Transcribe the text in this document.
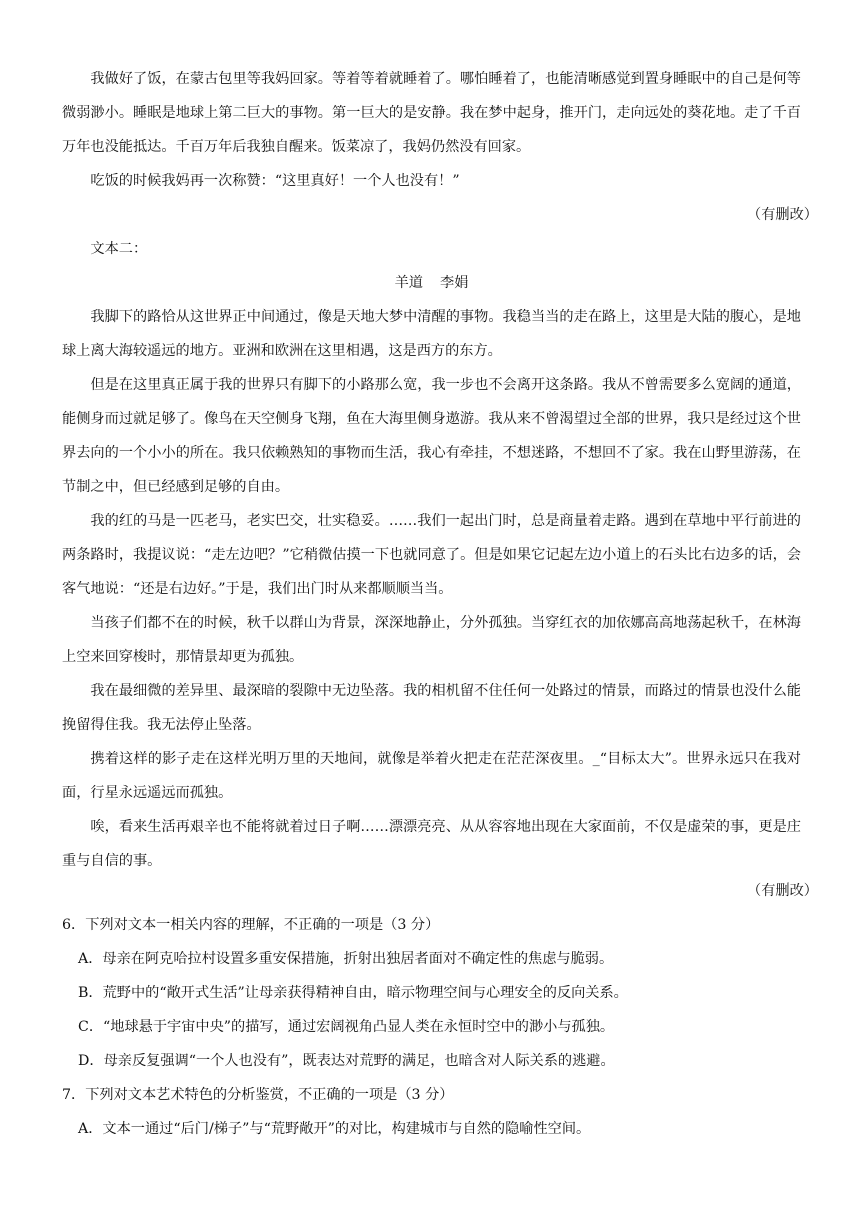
我做好了饭，在蒙古包里等我妈回家。等着等着就睡着了。哪怕睡着了，也能清晰感觉到置身睡眠中的自己是何等微弱渺小。睡眠是地球上第二巨大的事物。第一巨大的是安静。我在梦中起身，推开门，走向远处的葵花地。走了千百万年也没能抵达。千百万年后我独自醒来。饭菜凉了，我妈仍然没有回家。

吃饭的时候我妈再一次称赞：“这里真好！一个人也没有！”

（有删改）

文本二：

羊道 李娟

我脚下的路恰从这世界正中间通过，像是天地大梦中清醒的事物。我稳当当的走在路上，这里是大陆的腹心，是地球上离大海较遥远的地方。亚洲和欧洲在这里相遇，这是西方的东方。

但是在这里真正属于我的世界只有脚下的小路那么宽，我一步也不会离开这条路。我从不曾需要多么宽阔的通道，能侧身而过就足够了。像鸟在天空侧身飞翔，鱼在大海里侧身遨游。我从来不曾渴望过全部的世界，我只是经过这个世界去向的一个小小的所在。我只依赖熟知的事物而生活，我心有牵挂，不想迷路，不想回不了家。我在山野里游荡，在节制之中，但已经感到足够的自由。

我的红的马是一匹老马，老实巴交，壮实稳妥。……我们一起出门时，总是商量着走路。遇到在草地中平行前进的两条路时，我提议说：“走左边吧？”它稍微估摸一下也就同意了。但是如果它记起左边小道上的石头比右边多的话，会客气地说：“还是右边好。”于是，我们出门时从来都顺顺当当。

当孩子们都不在的时候，秋千以群山为背景，深深地静止，分外孤独。当穿红衣的加依娜高高地荡起秋千，在林海上空来回穿梭时，那情景却更为孤独。

我在最细微的差异里、最深暗的裂隙中无边坠落。我的相机留不住任何一处路过的情景，而路过的情景也没什么能挽留得住我。我无法停止坠落。

携着这样的影子走在这样光明万里的天地间，就像是举着火把走在茫茫深夜里。_“目标太大”。世界永远只在我对面，行星永远遥远而孤独。

唉，看来生活再艰辛也不能将就着过日子啊……漂漂亮亮、从从容容地出现在大家面前，不仅是虚荣的事，更是庄重与自信的事。

（有删改）

6．下列对文本一相关内容的理解，不正确的一项是（3 分）

A．母亲在阿克哈拉村设置多重安保措施，折射出独居者面对不确定性的焦虑与脆弱。

B．荒野中的“敞开式生活”让母亲获得精神自由，暗示物理空间与心理安全的反向关系。

C．“地球悬于宇宙中央”的描写，通过宏阔视角凸显人类在永恒时空中的渺小与孤独。

D．母亲反复强调“一个人也没有”，既表达对荒野的满足，也暗含对人际关系的逃避。

7．下列对文本艺术特色的分析鉴赏，不正确的一项是（3 分）

A．文本一通过“后门/梯子”与“荒野敞开”的对比，构建城市与自然的隐喻性空间。
